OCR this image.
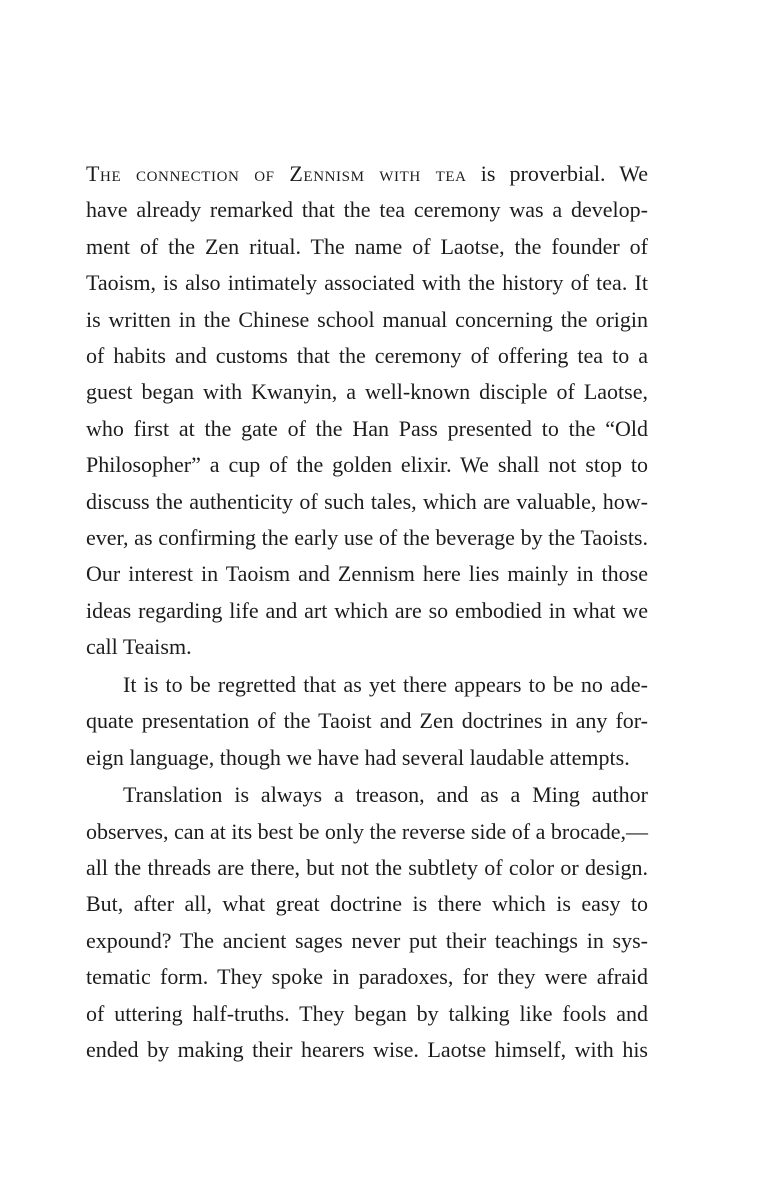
The connection of Zennism with tea is proverbial. We
have already remarked that the tea ceremony was a develop-
ment of the Zen ritual. The name of Laotse, the founder of
Taoism, is also intimately associated with the history of tea. It
is written in the Chinese school manual concerning the origin
of habits and customs that the ceremony of offering tea to a
guest began with Kwanyin, a well-known disciple of Laotse,
who first at the gate of the Han Pass presented to the “Old
Philosopher” a cup of the golden elixir. We shall not stop to
discuss the authenticity of such tales, which are valuable, how-
ever, as confirming the early use of the beverage by the Taoists.
Our interest in Taoism and Zennism here lies mainly in those
ideas regarding life and art which are so embodied in what we
call Teaism.
It is to be regretted that as yet there appears to be no ade-
quate presentation of the Taoist and Zen doctrines in any for-
eign language, though we have had several laudable attempts.
Translation is always a treason, and as a Ming author
observes, can at its best be only the reverse side of a brocade,—
all the threads are there, but not the subtlety of color or design.
But, after all, what great doctrine is there which is easy to
expound? The ancient sages never put their teachings in sys-
tematic form. They spoke in paradoxes, for they were afraid
of uttering half-truths. They began by talking like fools and
ended by making their hearers wise. Laotse himself, with his
